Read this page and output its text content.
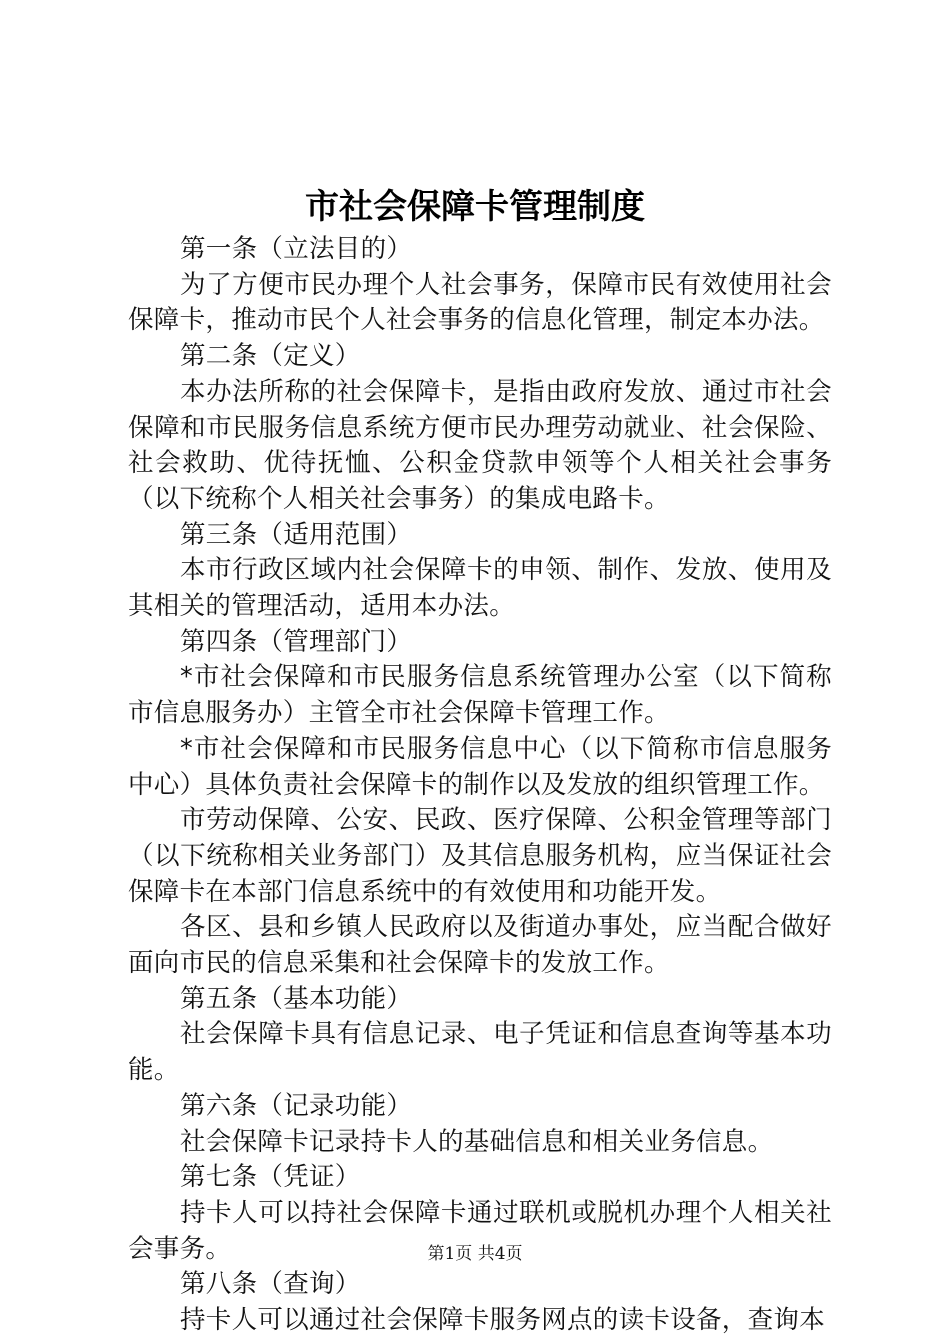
市社会保障卡管理制度

第一条（立法目的）

为了方便市民办理个人社会事务，保障市民有效使用社会保障卡，推动市民个人社会事务的信息化管理，制定本办法。

第二条（定义）

本办法所称的社会保障卡，是指由政府发放、通过市社会保障和市民服务信息系统方便市民办理劳动就业、社会保险、社会救助、优待抚恤、公积金贷款申领等个人相关社会事务（以下统称个人相关社会事务）的集成电路卡。

第三条（适用范围）

本市行政区域内社会保障卡的申领、制作、发放、使用及其相关的管理活动，适用本办法。

第四条（管理部门）

*市社会保障和市民服务信息系统管理办公室（以下简称市信息服务办）主管全市社会保障卡管理工作。

*市社会保障和市民服务信息中心（以下简称市信息服务中心）具体负责社会保障卡的制作以及发放的组织管理工作。

市劳动保障、公安、民政、医疗保障、公积金管理等部门（以下统称相关业务部门）及其信息服务机构，应当保证社会保障卡在本部门信息系统中的有效使用和功能开发。

各区、县和乡镇人民政府以及街道办事处，应当配合做好面向市民的信息采集和社会保障卡的发放工作。

第五条（基本功能）

社会保障卡具有信息记录、电子凭证和信息查询等基本功能。

第六条（记录功能）

社会保障卡记录持卡人的基础信息和相关业务信息。

第七条（凭证）

持卡人可以持社会保障卡通过联机或脱机办理个人相关社会事务。

第八条（查询）

持卡人可以通过社会保障卡服务网点的读卡设备，查询本

第1页 共4页
